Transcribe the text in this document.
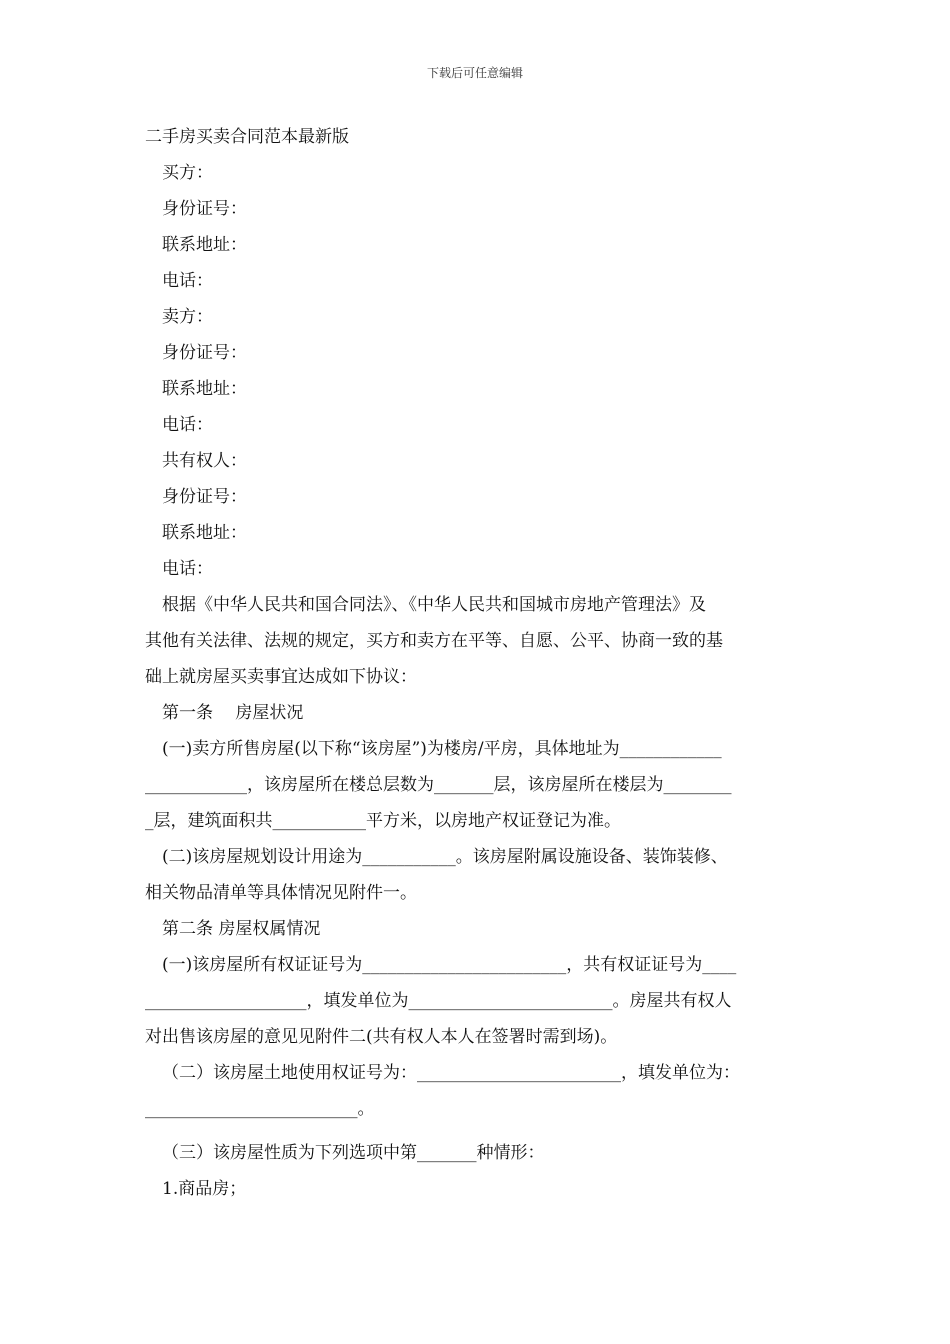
下载后可任意编辑
二手房买卖合同范本最新版
买方：
身份证号：
联系地址：
电话：
卖方：
身份证号：
联系地址：
电话：
共有权人：
身份证号：
联系地址：
电话：
根据《中华人民共和国合同法》、《中华人民共和国城市房地产管理法》及
其他有关法律、法规的规定，买方和卖方在平等、自愿、公平、协商一致的基
础上就房屋买卖事宜达成如下协议：
第一条　 房屋状况
(一)卖方所售房屋(以下称“该房屋”)为楼房/平房，具体地址为____________
____________，该房屋所在楼总层数为_______层，该房屋所在楼层为________
_层，建筑面积共___________平方米，以房地产权证登记为准。
(二)该房屋规划设计用途为___________。该房屋附属设施设备、装饰装修、
相关物品清单等具体情况见附件一。
第二条 房屋权属情况
(一)该房屋所有权证证号为________________________，共有权证证号为____
___________________，填发单位为________________________。房屋共有权人
对出售该房屋的意见见附件二(共有权人本人在签署时需到场)。
（二）该房屋土地使用权证号为：________________________，填发单位为：
_________________________。
（三）该房屋性质为下列选项中第_______种情形：
1.商品房；
